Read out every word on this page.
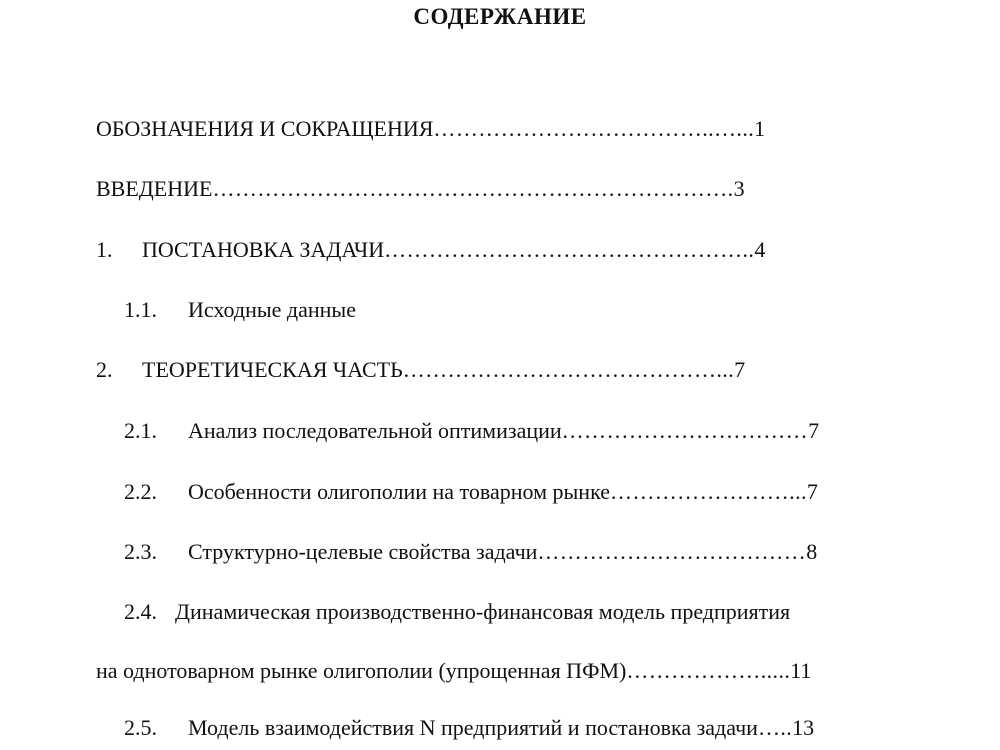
СОДЕРЖАНИЕ
ОБОЗНАЧЕНИЯ И СОКРАЩЕНИЯ………………………………..…...1
ВВЕДЕНИЕ…………………………………………………………….3
1. ПОСТАНОВКА ЗАДАЧИ…………………………………………..4
1.1. Исходные данные
2. ТЕОРЕТИЧЕСКАЯ ЧАСТЬ……………………………………...7
2.1. Анализ последовательной оптимизации……………………………7
2.2. Особенности олигополии на товарном рынке……………………...7
2.3. Структурно-целевые свойства задачи………………………………8
2.4. Динамическая производственно-финансовая модель предприятия
на однотоварном рынке олигополии (упрощенная ПФМ)……………….....11
2.5. Модель взаимодействия N предприятий и постановка задачи…..13
